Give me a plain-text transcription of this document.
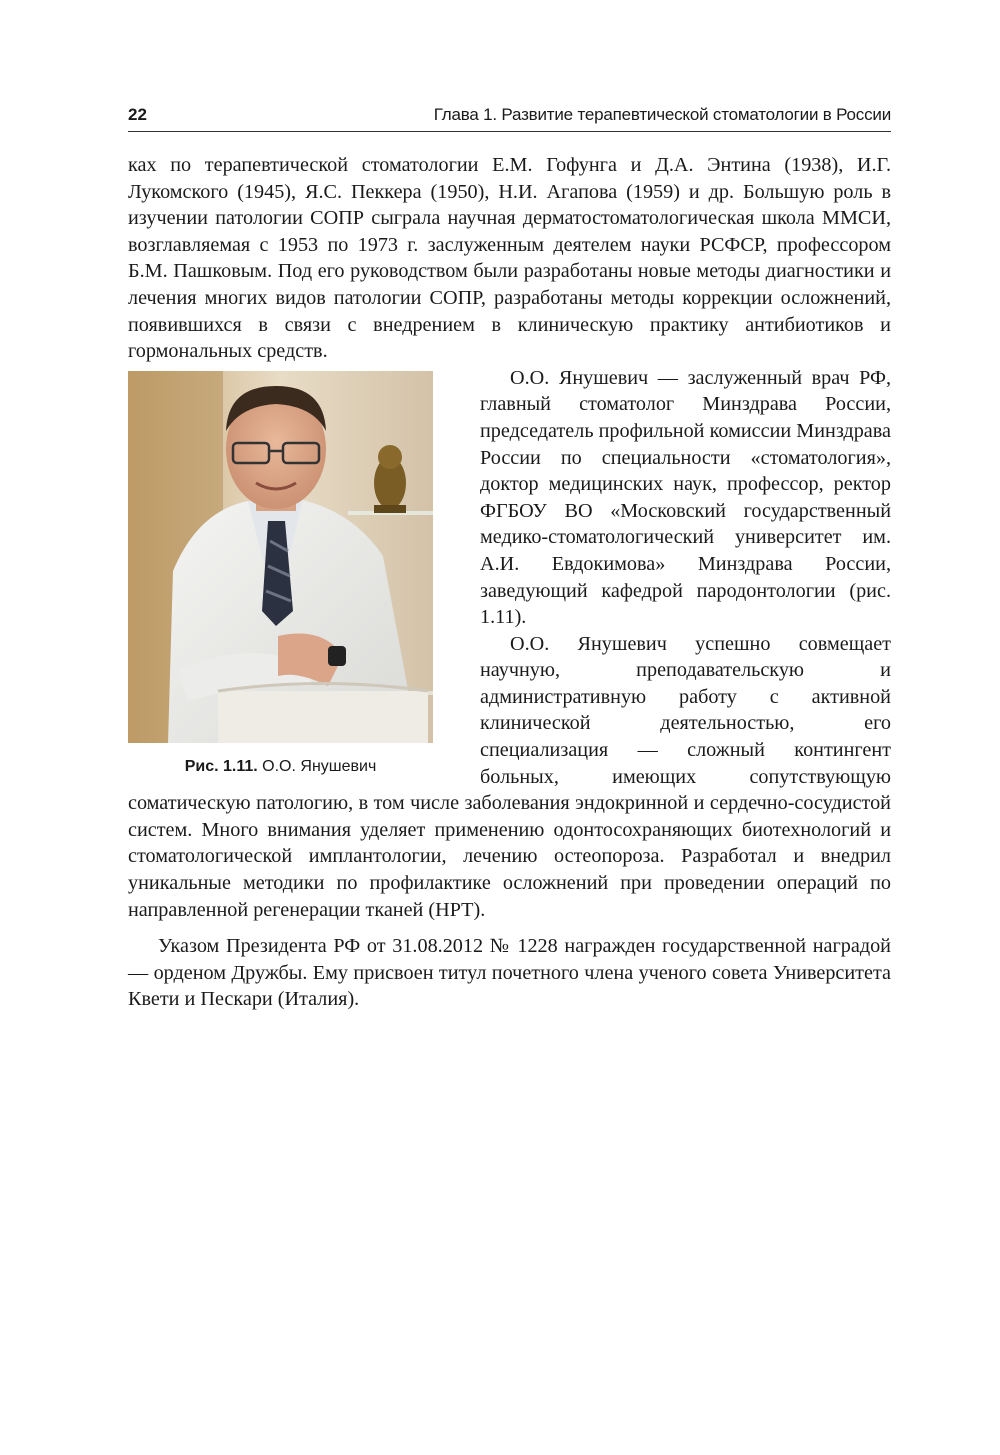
22	Глава 1. Развитие терапевтической стоматологии в России

ках по терапевтической стоматологии Е.М. Гофунга и Д.А. Энтина (1938), И.Г. Лукомского (1945), Я.С. Пеккера (1950), Н.И. Агапова (1959) и др. Большую роль в изучении патологии СОПР сыграла научная дерматостоматологическая школа ММСИ, возглавляемая с 1953 по 1973 г. заслуженным деятелем науки РСФСР, профессором Б.М. Пашковым. Под его руководством были разработаны новые методы диагностики и лечения многих видов патологии СОПР, разработаны методы коррекции осложнений, появившихся в связи с внедрением в клиническую практику антибиотиков и гормональных средств.

Рис. 1.11. О.О. Янушевич

О.О. Янушевич — заслуженный врач РФ, главный стоматолог Минздрава России, председатель профильной комиссии Минздрава России по специальности «стоматология», доктор медицинских наук, профессор, ректор ФГБОУ ВО «Московский государственный медико-стоматологический университет им. А.И. Евдокимова» Минздрава России, заведующий кафедрой пародонтологии (рис. 1.11).

О.О. Янушевич успешно совмещает научную, преподавательскую и административную работу с активной клинической деятельностью, его специализация — сложный контингент больных, имеющих сопутствующую соматическую патологию, в том числе заболевания эндокринной и сердечно-сосудистой систем. Много внимания уделяет применению одонтосохраняющих биотехнологий и стоматологической имплантологии, лечению остеопороза. Разработал и внедрил уникальные методики по профилактике осложнений при проведении операций по направленной регенерации тканей (НРТ).

Указом Президента РФ от 31.08.2012 № 1228 награжден государственной наградой — орденом Дружбы. Ему присвоен титул почетного члена ученого совета Университета Квети и Пескари (Италия).
